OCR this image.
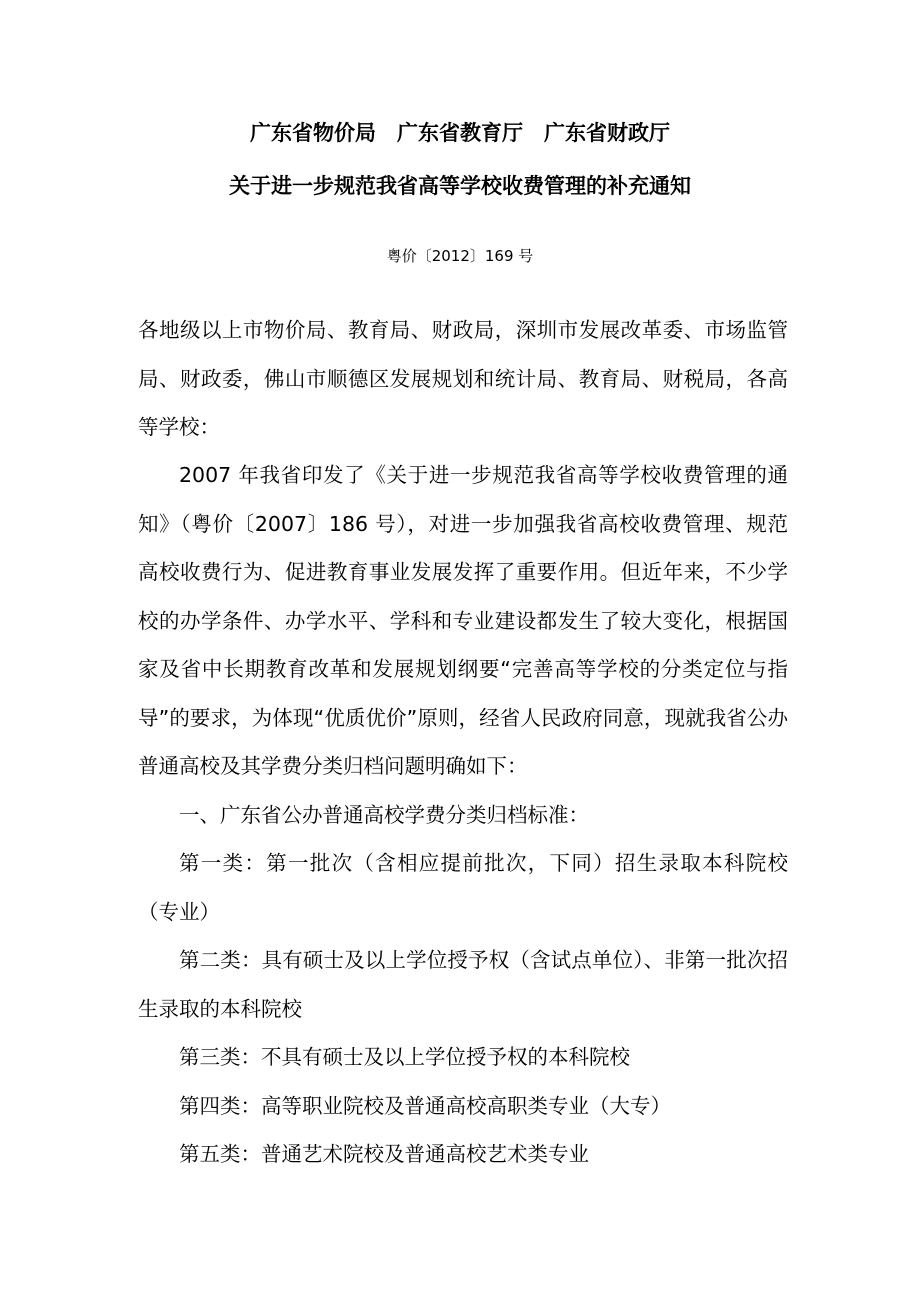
广东省物价局　广东省教育厅　广东省财政厅
关于进一步规范我省高等学校收费管理的补充通知
粤价〔2012〕169 号

各地级以上市物价局、教育局、财政局，深圳市发展改革委、市场监管局、财政委，佛山市顺德区发展规划和统计局、教育局、财税局，各高等学校：

2007 年我省印发了《关于进一步规范我省高等学校收费管理的通知》（粤价〔2007〕186 号），对进一步加强我省高校收费管理、规范高校收费行为、促进教育事业发展发挥了重要作用。但近年来，不少学校的办学条件、办学水平、学科和专业建设都发生了较大变化，根据国家及省中长期教育改革和发展规划纲要“完善高等学校的分类定位与指导”的要求，为体现“优质优价”原则，经省人民政府同意，现就我省公办普通高校及其学费分类归档问题明确如下：

一、广东省公办普通高校学费分类归档标准：

第一类：第一批次（含相应提前批次，下同）招生录取本科院校（专业）

第二类：具有硕士及以上学位授予权（含试点单位）、非第一批次招生录取的本科院校

第三类：不具有硕士及以上学位授予权的本科院校

第四类：高等职业院校及普通高校高职类专业（大专）

第五类：普通艺术院校及普通高校艺术类专业
